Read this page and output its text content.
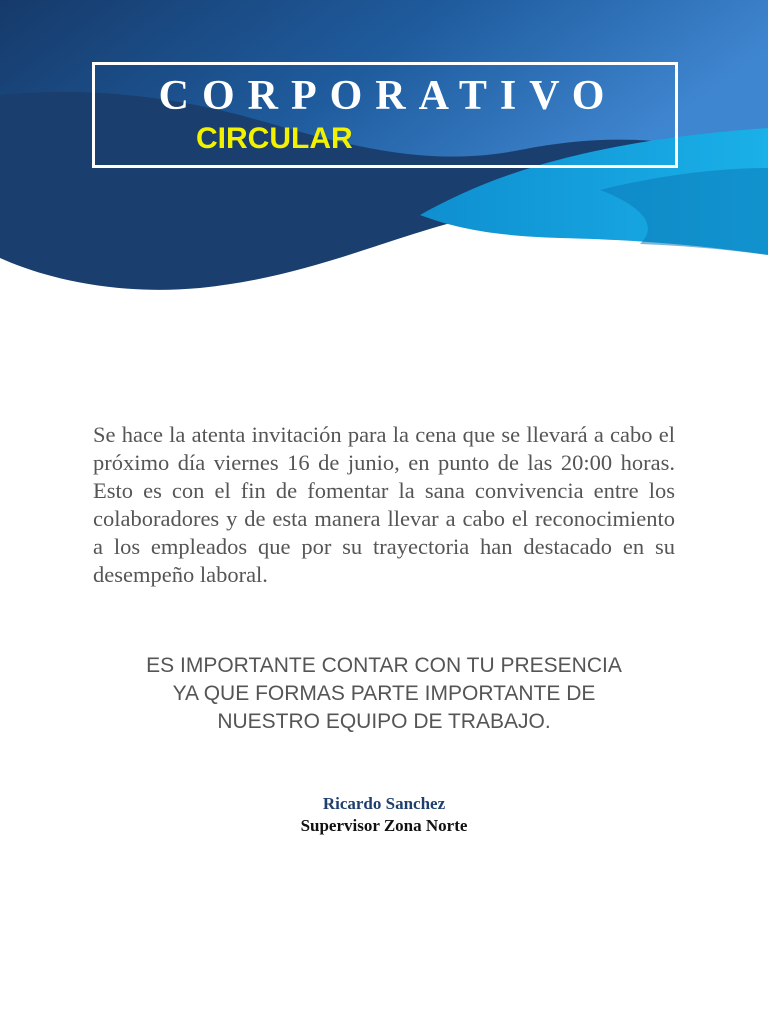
CORPORATIVO
CIRCULAR

Se hace la atenta invitación para la cena que se llevará a cabo el próximo día viernes 16 de junio, en punto de las 20:00 horas. Esto es con el fin de fomentar la sana convivencia entre los colaboradores y de esta manera llevar a cabo el reconocimiento a los empleados que por su trayectoria han destacado en su desempeño laboral.

ES IMPORTANTE CONTAR CON TU PRESENCIA
YA QUE FORMAS PARTE IMPORTANTE DE
NUESTRO EQUIPO DE TRABAJO.

Ricardo Sanchez

Supervisor Zona Norte
